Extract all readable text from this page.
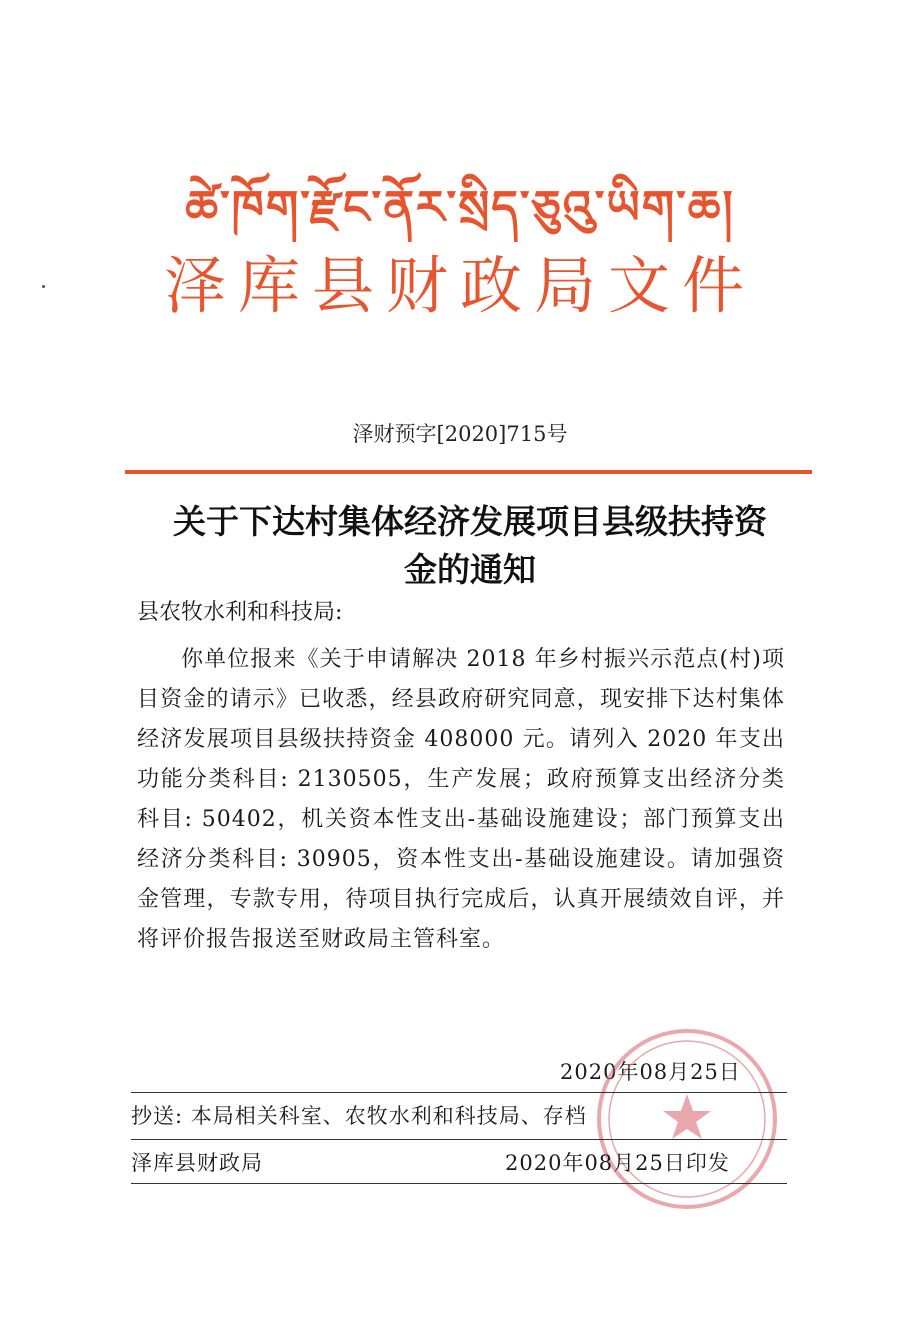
ཚེ་ཁོག་རྫོང་ནོར་སྲིད་ཅུའུ་ཡིག་ཆ།
泽库县财政局文件
泽财预字[2020]715号
关于下达村集体经济发展项目县级扶持资
金的通知
县农牧水利和科技局:
你单位报来《关于申请解决 2018 年乡村振兴示范点(村)项目资金的请示》已收悉，经县政府研究同意，现安排下达村集体经济发展项目县级扶持资金 408000 元。请列入 2020 年支出功能分类科目: 2130505，生产发展；政府预算支出经济分类科目: 50402，机关资本性支出-基础设施建设；部门预算支出经济分类科目: 30905，资本性支出-基础设施建设。请加强资金管理，专款专用，待项目执行完成后，认真开展绩效自评，并将评价报告报送至财政局主管科室。
2020年08月25日
抄送: 本局相关科室、农牧水利和科技局、存档
泽库县财政局	2020年08月25日印发
